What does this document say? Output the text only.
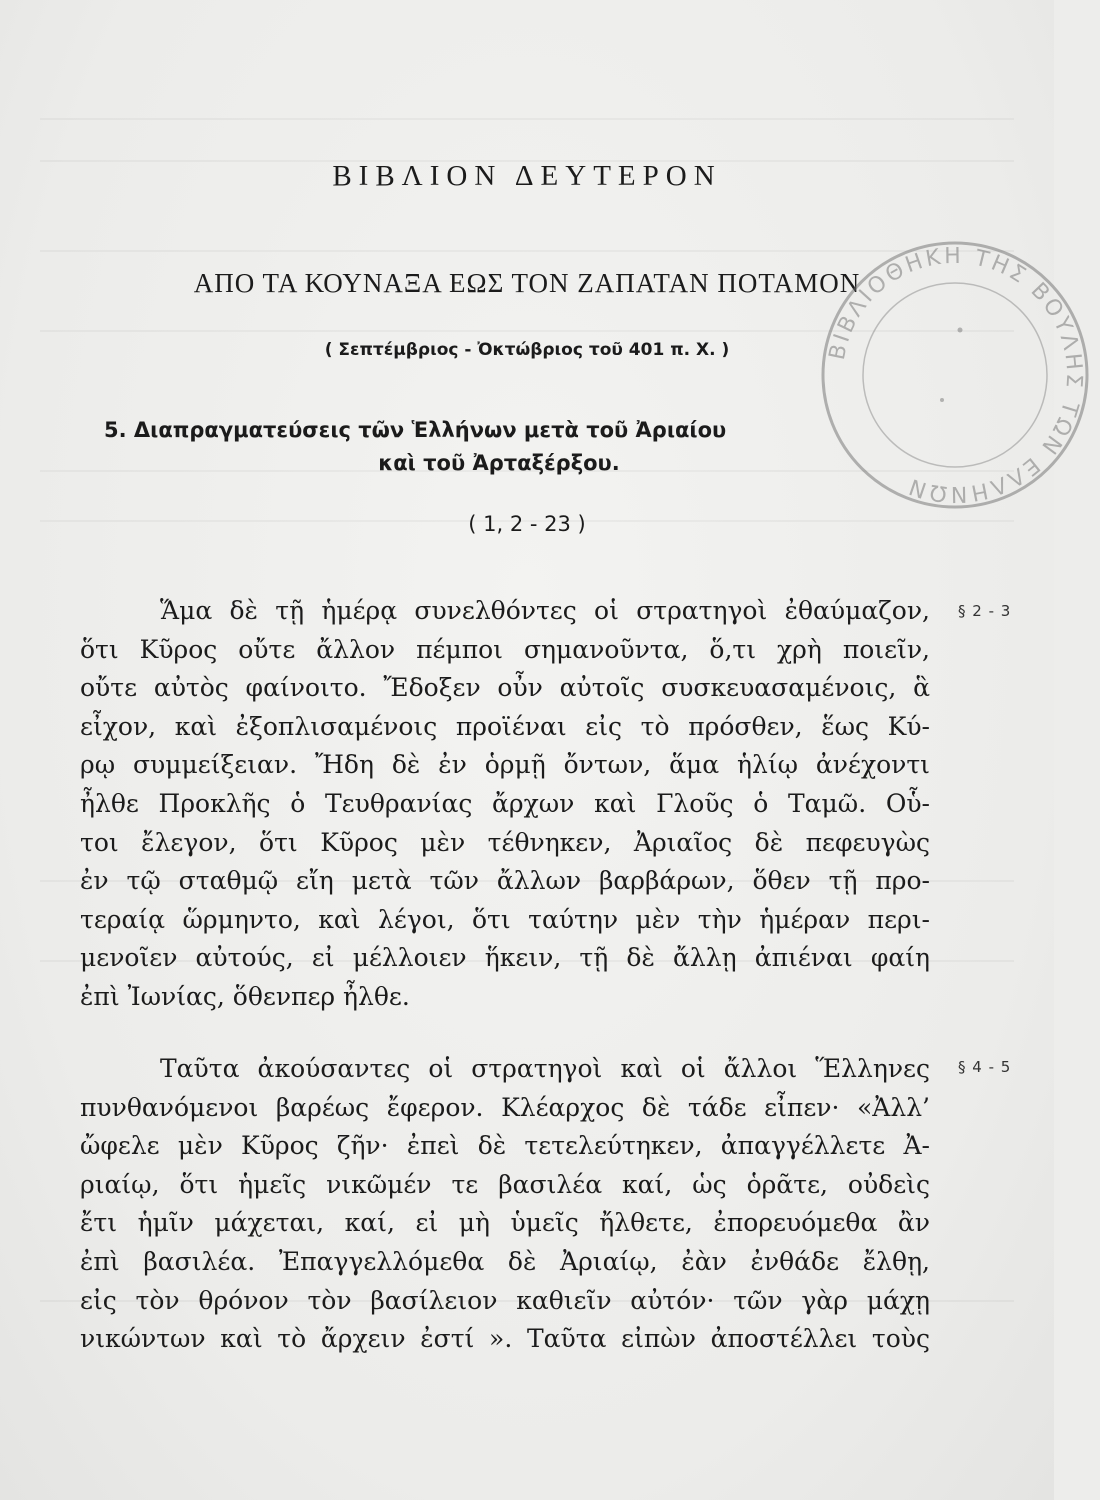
ΒΙΒΛΙΟΝ ΔΕΥΤΕΡΟΝ
ΑΠΟ ΤΑ ΚΟΥΝΑΞΑ ΕΩΣ ΤΟΝ ΖΑΠΑΤΑΝ ΠΟΤΑΜΟΝ
( Σεπτέμβριος - Ὀκτώβριος τοῦ 401 π. Χ. )
5. Διαπραγματεύσεις τῶν Ἑλλήνων μετὰ τοῦ Ἀριαίου
καὶ τοῦ Ἀρταξέρξου.
( 1, 2 - 23 )
Ἅμα δὲ τῇ ἡμέρᾳ συνελθόντες οἱ στρατηγοὶ ἐθαύμαζον,
ὅτι Κῦρος οὔτε ἄλλον πέμποι σημανοῦντα, ὅ,τι χρὴ ποιεῖν,
οὔτε αὐτὸς φαίνοιτο. Ἔδοξεν οὖν αὐτοῖς συσκευασαμένοις, ἃ
εἶχον, καὶ ἐξοπλισαμένοις προϊέναι εἰς τὸ πρόσθεν, ἕως Κύ-
ρῳ συμμείξειαν. Ἤδη δὲ ἐν ὁρμῇ ὄντων, ἅμα ἡλίῳ ἀνέχοντι
ἦλθε Προκλῆς ὁ Τευθρανίας ἄρχων καὶ Γλοῦς ὁ Ταμῶ. Οὗ-
τοι ἔλεγον, ὅτι Κῦρος μὲν τέθνηκεν, Ἀριαῖος δὲ πεφευγὼς
ἐν τῷ σταθμῷ εἴη μετὰ τῶν ἄλλων βαρβάρων, ὅθεν τῇ προ-
τεραίᾳ ὥρμηντο, καὶ λέγοι, ὅτι ταύτην μὲν τὴν ἡμέραν περι-
μενοῖεν αὐτούς, εἰ μέλλοιεν ἥκειν, τῇ δὲ ἄλλῃ ἀπιέναι φαίη
ἐπὶ Ἰωνίας, ὅθενπερ ἦλθε.
§ 2 - 3
Ταῦτα ἀκούσαντες οἱ στρατηγοὶ καὶ οἱ ἄλλοι Ἕλληνες
πυνθανόμενοι βαρέως ἔφερον. Κλέαρχος δὲ τάδε εἶπεν· «Ἀλλ’
ὤφελε μὲν Κῦρος ζῆν· ἐπεὶ δὲ τετελεύτηκεν, ἀπαγγέλλετε Ἀ-
ριαίῳ, ὅτι ἡμεῖς νικῶμέν τε βασιλέα καί, ὡς ὁρᾶτε, οὐδεὶς
ἔτι ἡμῖν μάχεται, καί, εἰ μὴ ὑμεῖς ἤλθετε, ἐπορευόμεθα ἂν
ἐπὶ βασιλέα. Ἐπαγγελλόμεθα δὲ Ἀριαίῳ, ἐὰν ἐνθάδε ἔλθῃ,
εἰς τὸν θρόνον τὸν βασίλειον καθιεῖν αὐτόν· τῶν γὰρ μάχῃ
νικώντων καὶ τὸ ἄρχειν ἐστί ». Ταῦτα εἰπὼν ἀποστέλλει τοὺς
§ 4 - 5
ΒΙΒΛΙΟΘΗΚΗ ΤΗΣ ΒΟΥΛΗΣ ΤΩΝ ΕΛΛΗΝΩΝ
